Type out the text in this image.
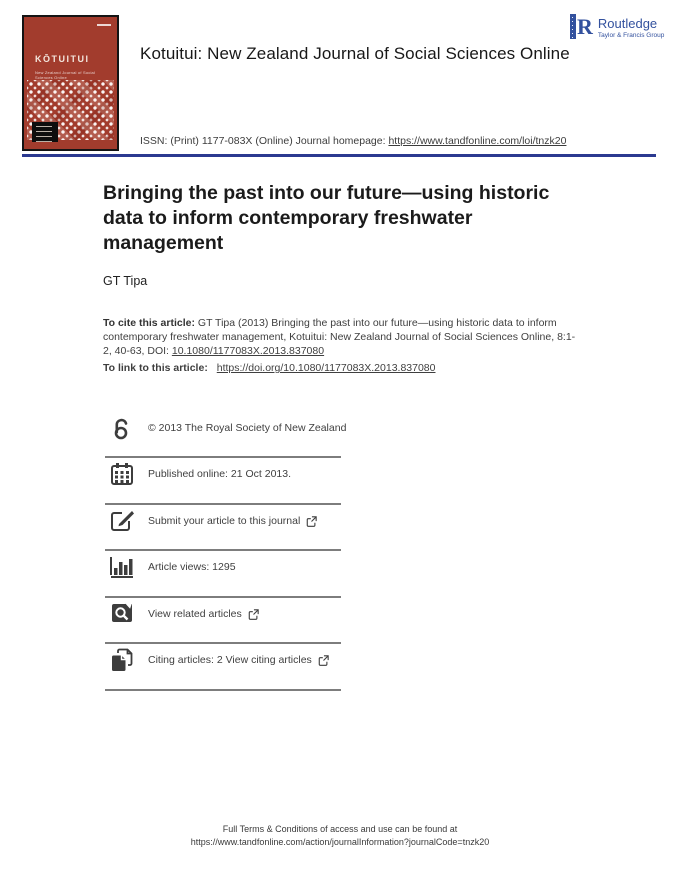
KŌTUITUI
New Zealand Journal of Social Sciences Online
Kotuitui: New Zealand Journal of Social Sciences Online
R Routledge
Taylor & Francis Group
ISSN: (Print) 1177-083X (Online) Journal homepage: https://www.tandfonline.com/loi/tnzk20
Bringing the past into our future—using historic data to inform contemporary freshwater management
GT Tipa
To cite this article: GT Tipa (2013) Bringing the past into our future—using historic data to inform contemporary freshwater management, Kotuitui: New Zealand Journal of Social Sciences Online, 8:1-2, 40-63, DOI: 10.1080/1177083X.2013.837080
To link to this article: https://doi.org/10.1080/1177083X.2013.837080
© 2013 The Royal Society of New Zealand
Published online: 21 Oct 2013.
Submit your article to this journal
Article views: 1295
View related articles
Citing articles: 2 View citing articles
Full Terms & Conditions of access and use can be found at
https://www.tandfonline.com/action/journalInformation?journalCode=tnzk20
